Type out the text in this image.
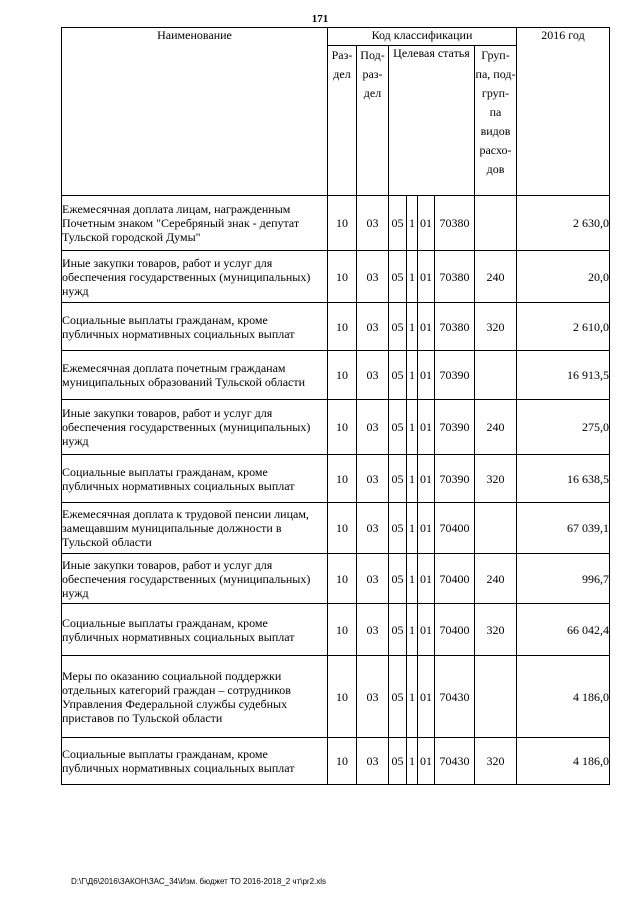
171
Наименование	Код классификации							2016 год
	Раз- дел	Под- раз- дел	Целевая статья				Груп- па, под- груп- па видов расхо- дов	
Ежемесячная доплата лицам, награжденным Почетным знаком "Серебряный знак - депутат Тульской городской Думы"	10	03	05	1	01	70380		2 630,0
Иные закупки товаров, работ и услуг для обеспечения государственных (муниципальных) нужд	10	03	05	1	01	70380	240	20,0
Социальные выплаты гражданам, кроме публичных нормативных социальных выплат	10	03	05	1	01	70380	320	2 610,0
Ежемесячная доплата почетным гражданам муниципальных образований Тульской области	10	03	05	1	01	70390		16 913,5
Иные закупки товаров, работ и услуг для обеспечения государственных (муниципальных) нужд	10	03	05	1	01	70390	240	275,0
Социальные выплаты гражданам, кроме публичных нормативных социальных выплат	10	03	05	1	01	70390	320	16 638,5
Ежемесячная доплата к трудовой пенсии лицам, замещавшим муниципальные должности в Тульской области	10	03	05	1	01	70400		67 039,1
Иные закупки товаров, работ и услуг для обеспечения государственных (муниципальных) нужд	10	03	05	1	01	70400	240	996,7
Социальные выплаты гражданам, кроме публичных нормативных социальных выплат	10	03	05	1	01	70400	320	66 042,4
Меры по оказанию социальной поддержки отдельных категорий граждан – сотрудников Управления Федеральной службы судебных приставов по Тульской области	10	03	05	1	01	70430		4 186,0
Социальные выплаты гражданам, кроме публичных нормативных социальных выплат	10	03	05	1	01	70430	320	4 186,0
D:\Г\Д6\2016\ЗАКОН\ЗАС_34\Изм. бюджет ТО 2016-2018_2 чт\pr2.xls
